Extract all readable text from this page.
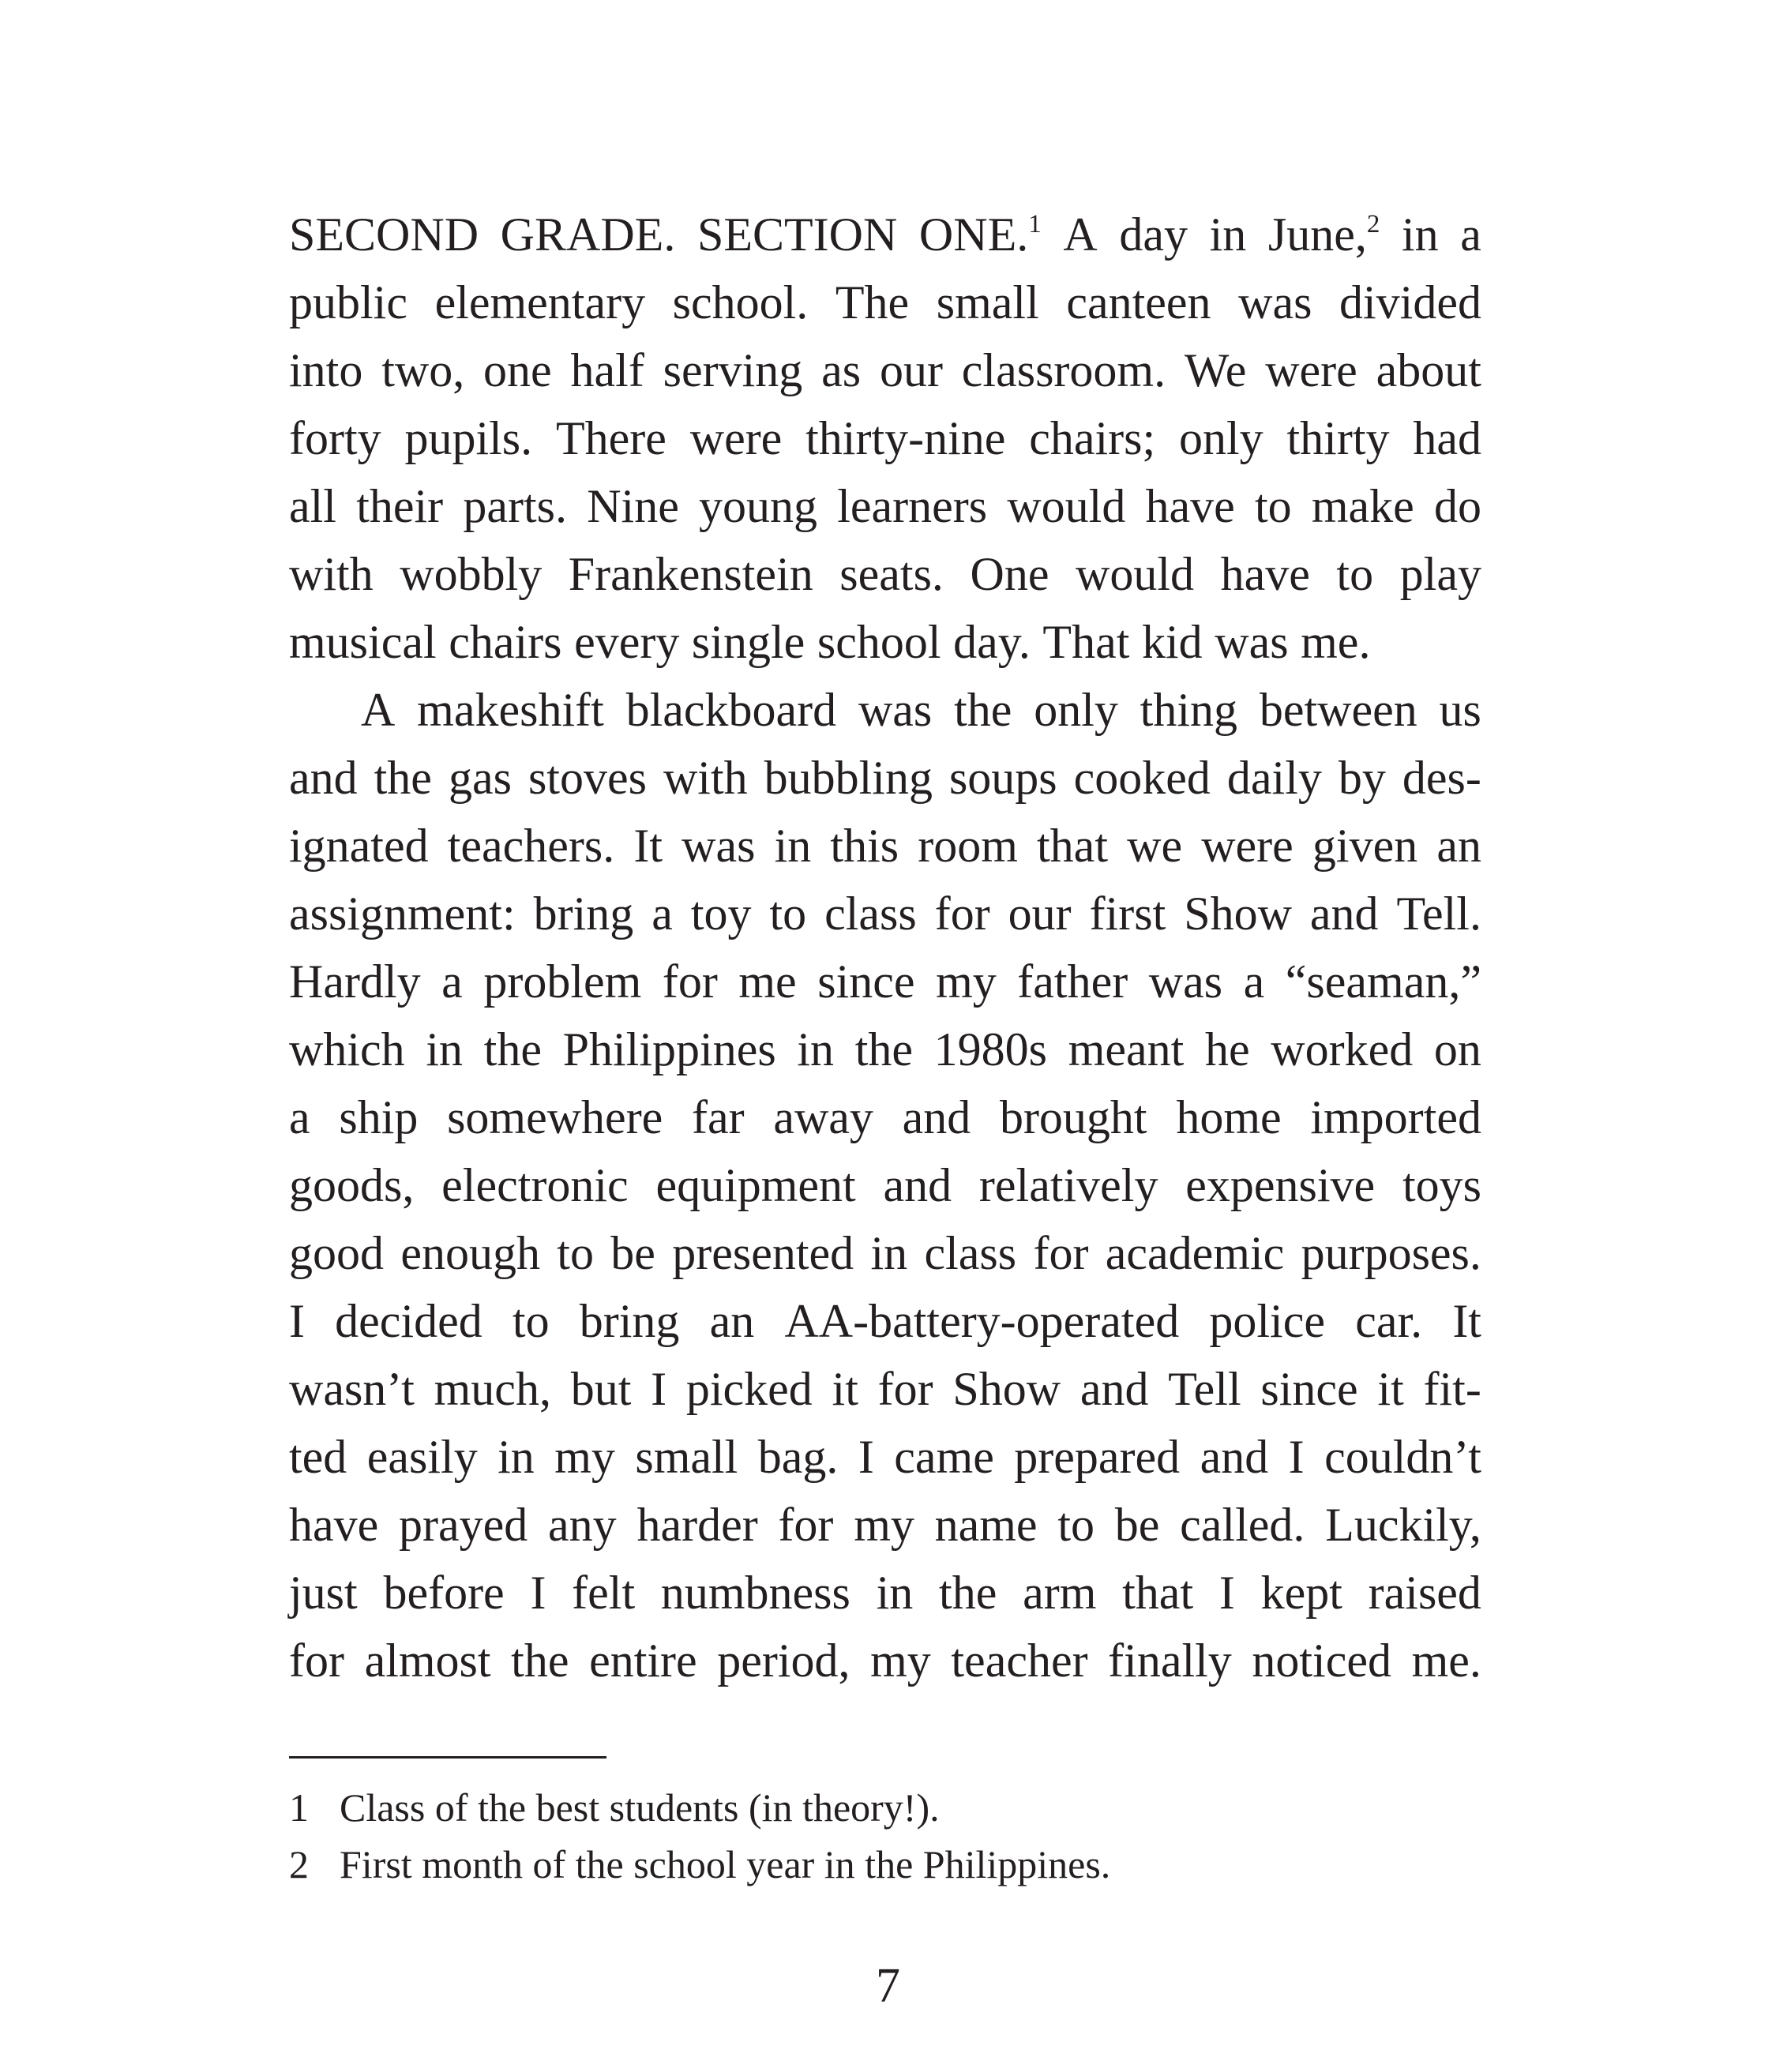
SECOND GRADE. SECTION ONE.$^1$ A day in June,$^2$ in a
public elementary school. The small canteen was divided
into two, one half serving as our classroom. We were about
forty pupils. There were thirty-nine chairs; only thirty had
all their parts. Nine young learners would have to make do
with wobbly Frankenstein seats. One would have to play
musical chairs every single school day. That kid was me.
A makeshift blackboard was the only thing between us
and the gas stoves with bubbling soups cooked daily by des-
ignated teachers. It was in this room that we were given an
assignment: bring a toy to class for our first Show and Tell.
Hardly a problem for me since my father was a “seaman,”
which in the Philippines in the 1980s meant he worked on
a ship somewhere far away and brought home imported
goods, electronic equipment and relatively expensive toys
good enough to be presented in class for academic purposes.
I decided to bring an AA-battery-operated police car. It
wasn’t much, but I picked it for Show and Tell since it fit-
ted easily in my small bag. I came prepared and I couldn’t
have prayed any harder for my name to be called. Luckily,
just before I felt numbness in the arm that I kept raised
for almost the entire period, my teacher finally noticed me.
1 Class of the best students (in theory!).
2 First month of the school year in the Philippines.
7
